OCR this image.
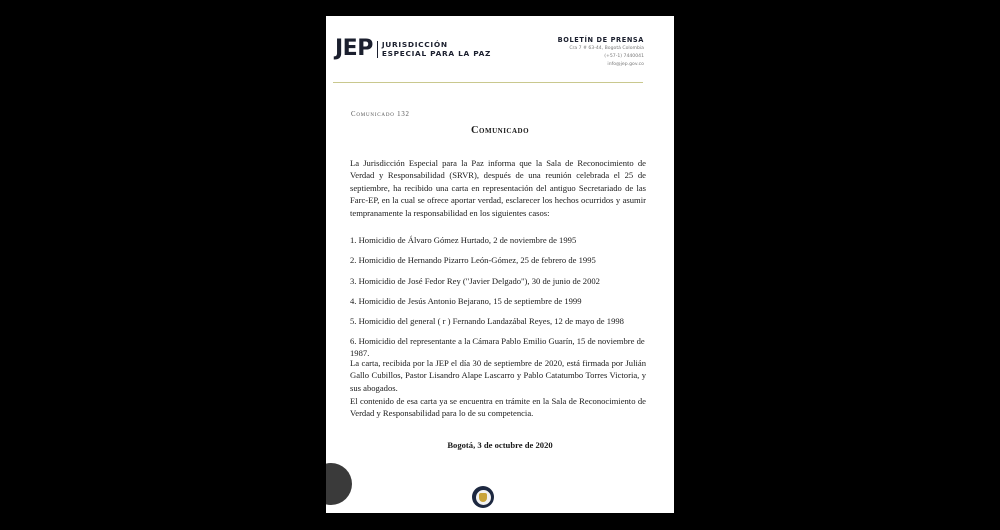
JEP JURISDICCIÓN
ESPECIAL PARA LA PAZ
BOLETÍN DE PRENSA
Cra 7 # 63-44, Bogotá Colombia
(+57-1) 7440041
info@jep.gov.co
Comunicado 132
Comunicado

La Jurisdicción Especial para la Paz informa que la Sala de Reconocimiento de Verdad y Responsabilidad (SRVR), después de una reunión celebrada el 25 de septiembre, ha recibido una carta en representación del antiguo Secretariado de las Farc-EP, en la cual se ofrece aportar verdad, esclarecer los hechos ocurridos y asumir tempranamente la responsabilidad en los siguientes casos:

1. Homicidio de Álvaro Gómez Hurtado, 2 de noviembre de 1995
2. Homicidio de Hernando Pizarro León-Gómez, 25 de febrero de 1995
3. Homicidio de José Fedor Rey ("Javier Delgado"), 30 de junio de 2002
4. Homicidio de Jesús Antonio Bejarano, 15 de septiembre de 1999
5. Homicidio del general ( r ) Fernando Landazábal Reyes, 12 de mayo de 1998
6. Homicidio del representante a la Cámara Pablo Emilio Guarín, 15 de noviembre de 1987.

La carta, recibida por la JEP el día 30 de septiembre de 2020, está firmada por Julián Gallo Cubillos, Pastor Lisandro Alape Lascarro y Pablo Catatumbo Torres Victoria, y sus abogados.

El contenido de esa carta ya se encuentra en trámite en la Sala de Reconocimiento de Verdad y Responsabilidad para lo de su competencia.

Bogotá, 3 de octubre de 2020
